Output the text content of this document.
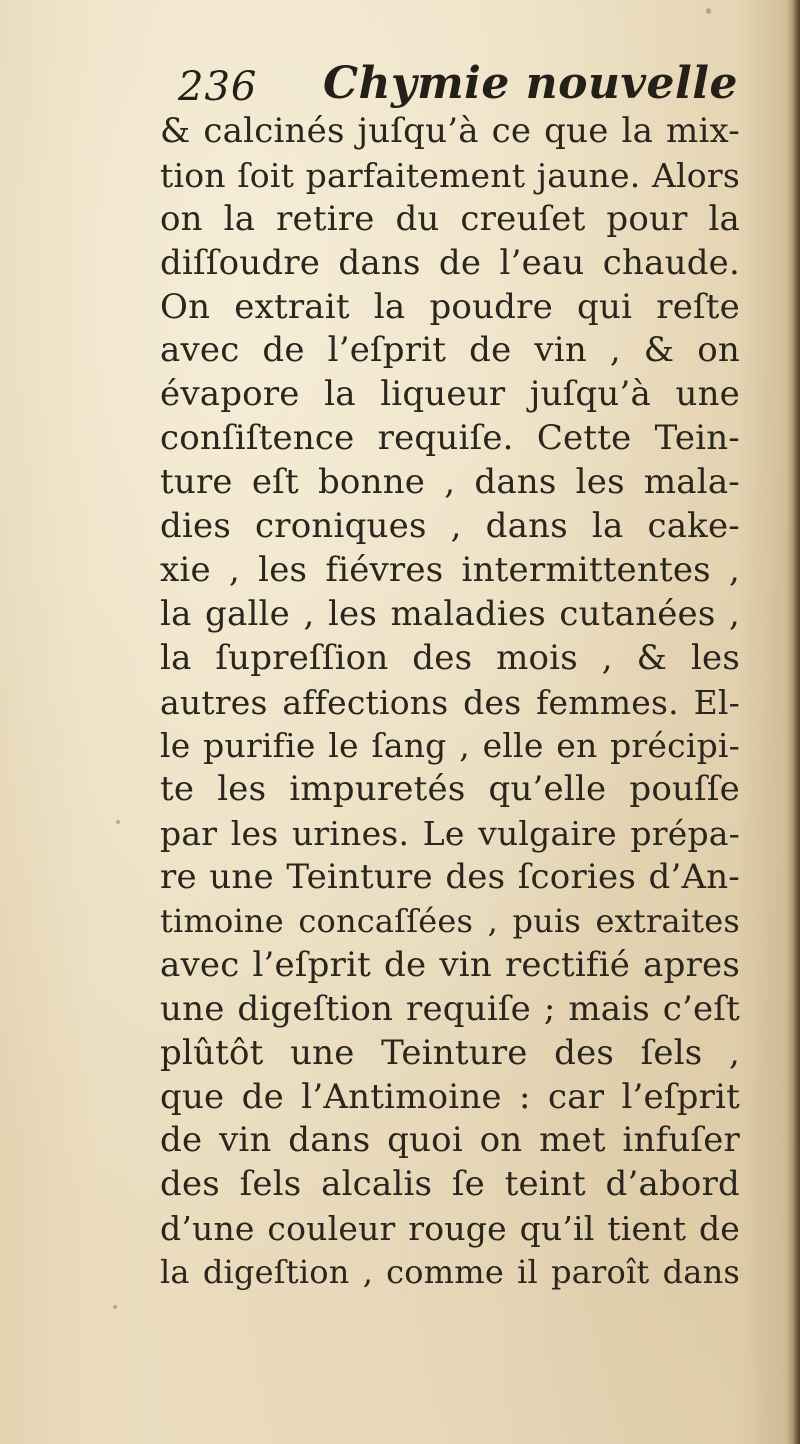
236 Chymie nouvelle
& calcinés juſqu’à ce que la mix-
tion ſoit parfaitement jaune. Alors
on la retire du creuſet pour la
diſſoudre dans de l’eau chaude.
On extrait la poudre qui reſte
avec de l’eſprit de vin , & on
évapore la liqueur juſqu’à une
conſiſtence requiſe. Cette Tein-
ture eſt bonne , dans les mala-
dies croniques , dans la cakе-
xie , les fiévres intermittentes ,
la galle , les maladies cutanées ,
la ſupreſſion des mois , & les
autres affections des femmes. El-
le purifie le ſang , elle en précipi-
te les impuretés qu’elle pouſſe
par les urines. Le vulgaire prépa-
re une Teinture des ſcories d’An-
timoine concaſſées , puis extraites
avec l’eſprit de vin rectifié apres
une digeſtion requiſe ; mais c’eſt
plûtôt une Teinture des ſels ,
que de l’Antimoine : car l’eſprit
de vin dans quoi on met infuſer
des ſels alcalis ſe teint d’abord
d’une couleur rouge qu’il tient de
la digeſtion , comme il paroît dans
